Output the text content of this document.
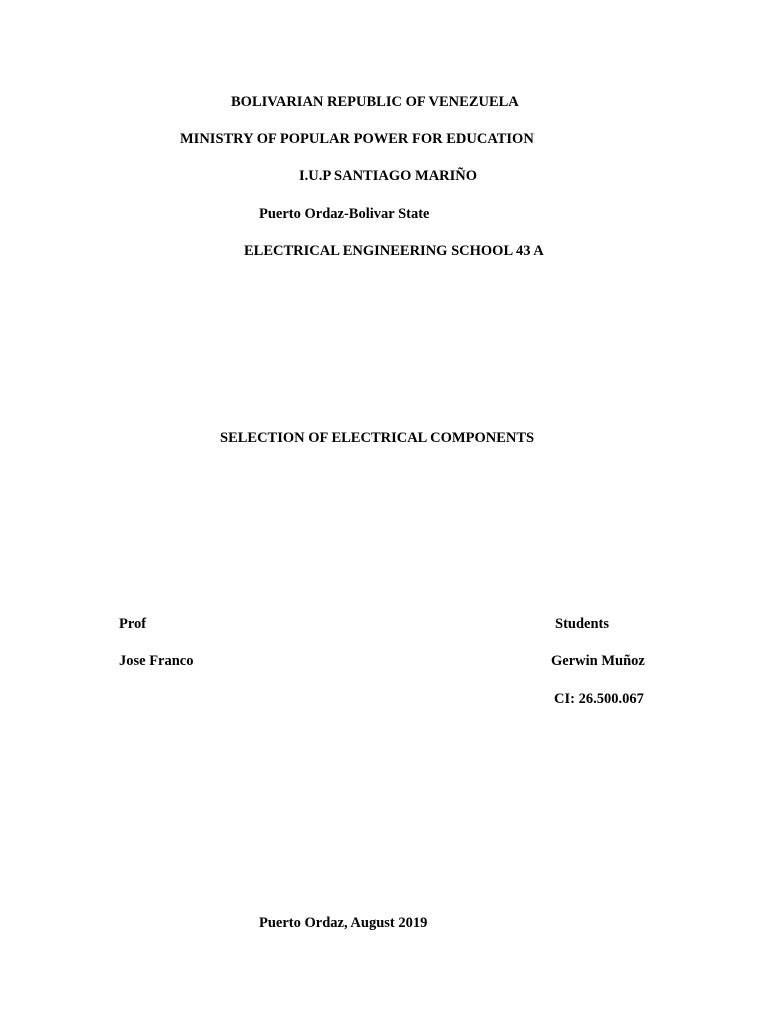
BOLIVARIAN REPUBLIC OF VENEZUELA
MINISTRY OF POPULAR POWER FOR EDUCATION
I.U.P SANTIAGO MARIÑO
Puerto Ordaz-Bolivar State
ELECTRICAL ENGINEERING SCHOOL 43 A
SELECTION OF ELECTRICAL COMPONENTS
Prof	Students
Jose Franco	Gerwin Muñoz
CI: 26.500.067
Puerto Ordaz, August 2019
